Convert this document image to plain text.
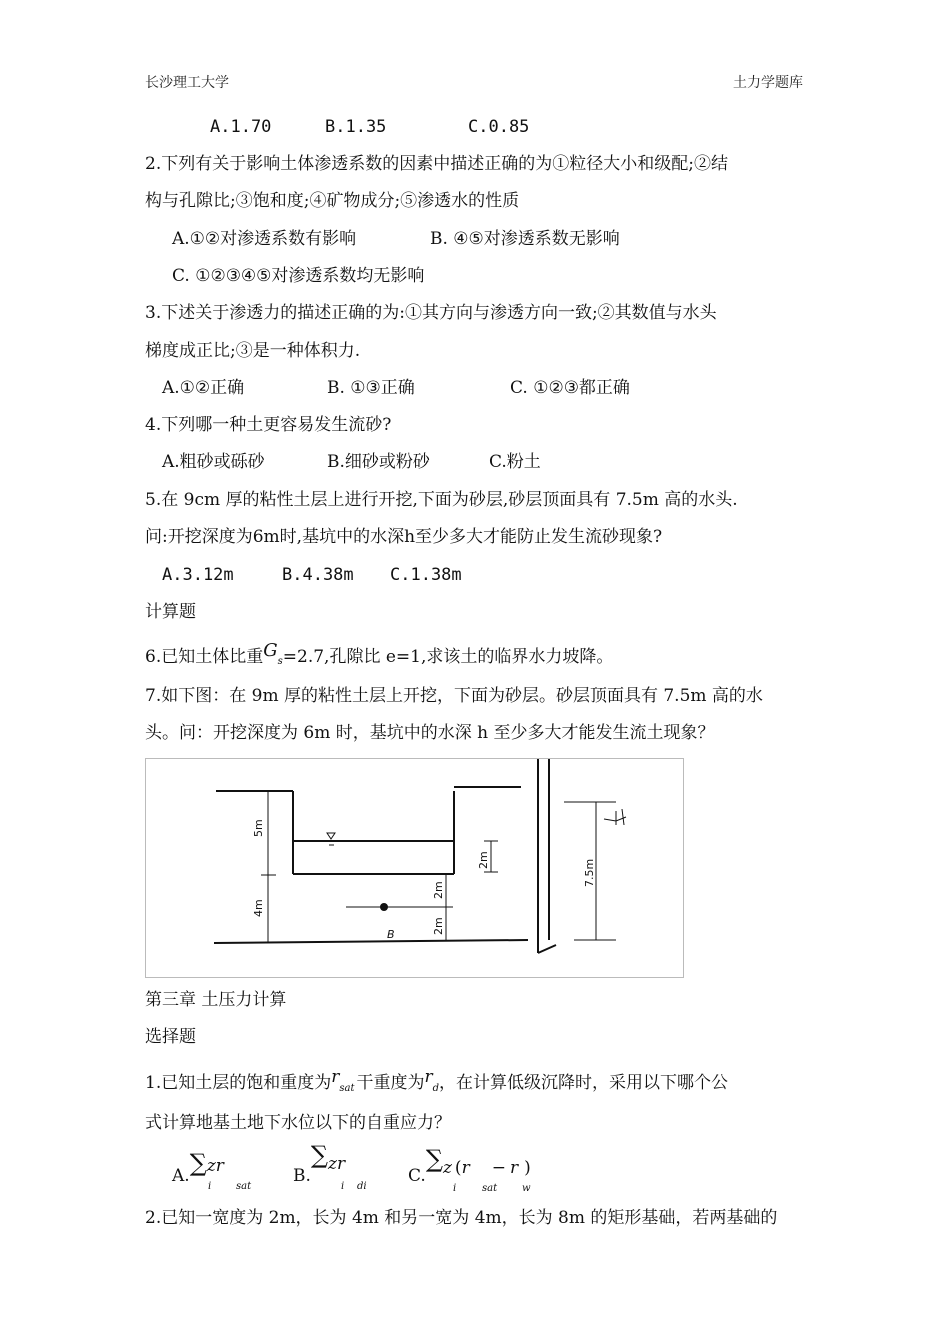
长沙理工大学	土力学题库
A.1.70	B.1.35	C.0.85
2.下列有关于影响土体渗透系数的因素中描述正确的为①粒径大小和级配;②结
构与孔隙比;③饱和度;④矿物成分;⑤渗透水的性质
A.①②对渗透系数有影响	B. ④⑤对渗透系数无影响
C. ①②③④⑤对渗透系数均无影响
3.下述关于渗透力的描述正确的为:①其方向与渗透方向一致;②其数值与水头
梯度成正比;③是一种体积力.
A.①②正确	B. ①③正确	C. ①②③都正确
4.下列哪一种土更容易发生流砂?
A.粗砂或砾砂	B.细砂或粉砂	C.粉土
5.在 9cm 厚的粘性土层上进行开挖,下面为砂层,砂层顶面具有 7.5m 高的水头.
问:开挖深度为6m时,基坑中的水深h至少多大才能防止发生流砂现象?
A.3.12m	B.4.38m C.1.38m
计算题
6.已知土体比重Gs=2.7,孔隙比 e=1,求该土的临界水力坡降。
7.如下图：在 9m 厚的粘性土层上开挖，下面为砂层。砂层顶面具有 7.5m 高的水
头。问：开挖深度为 6m 时，基坑中的水深 h 至少多大才能发生流土现象？
5m
4m
2m
2m
2m
7.5m
B
第三章 土压力计算
选择题
1.已知土层的饱和重度为rsat 干重度为rd，在计算低级沉降时，采用以下哪个公
式计算地基土地下水位以下的自重应力？
A.∑zr
i sat
B.∑zr
i di
C.∑z (r − r )
i	sat w
2.已知一宽度为 2m，长为 4m 和另一宽为 4m，长为 8m 的矩形基础，若两基础的
